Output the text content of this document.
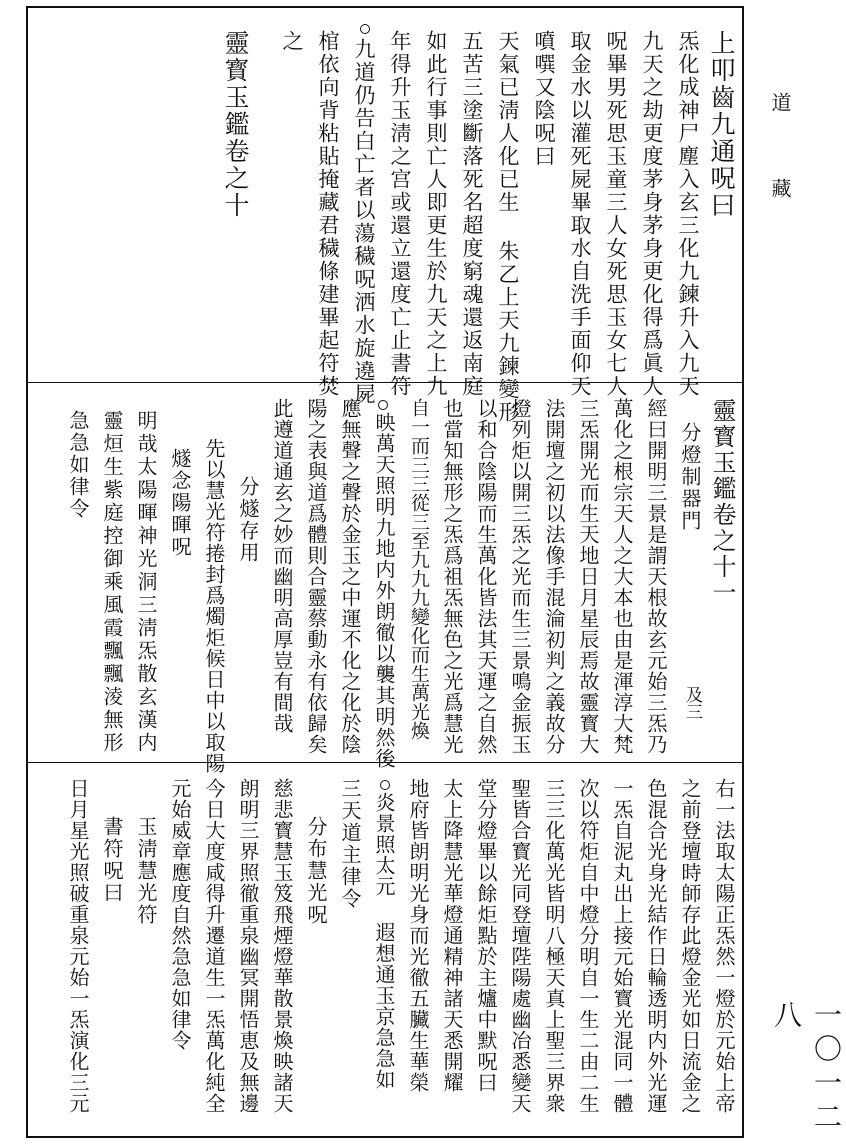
道
藏
一〇一二八
上叩齒九通呪曰
炁化成神尸塵入玄三化九鍊升入九天
九天之劫更度茅身茅身更化得爲眞人
呪畢男死思玉童三人女死思玉女七人
取金水以灌死屍畢取水自洗手面仰天
噴噀又陰呪曰
天氣已淸人化已生 朱乙上天九鍊變形
五苦三塗斷落死名超度窮魂還返南庭
如此行事則亡人即更生於九天之上九
年得升玉淸之宫或還立還度亡止書符
九道仍告白亡者以蕩穢呪洒水旋遶屍
棺依向背粘貼掩藏君穢條建畢起符焚
之
靈寳玉鑑卷之十
靈寳玉鑑卷之十一
分燈制器門
及三
經曰開明三景是謂天根故玄元始三炁乃
萬化之根宗天人之大本也由是渾淳大梵
三炁開光而生天地日月星辰焉故靈寳大
法開壇之初以法像手混淪初判之義故分
燈列炬以開三炁之光而生三景鳴金振玉
以和合陰陽而生萬化皆法其天運之自然
也當知無形之炁爲祖炁無色之光爲慧光
自一而三三從三至九九九變化而生萬光煥
映萬天照明九地内外朗徹以襲其明然後
應無聲之聲於金玉之中運不化之化於陰
陽之表與道爲體則合靈蔡動永有依歸矣
此遵道通玄之妙而幽明高厚豈有間哉
分燧存用
先以慧光符捲封爲燭炬候日中以取陽
燧念陽暉呪
明哉太陽暉神光洞三淸炁散玄漢内
靈烜生紫庭控御乘風霞飄飄淩無形
急急如律令
右一法取太陽正炁然一燈於元始上帝
之前登壇時師存此燈金光如日流金之
色混合光身光結作日輪透明内外光運
一炁自泥丸出上接元始寳光混同一體
次以符炬自中燈分明自一生二由二生
三三化萬光皆明八極天真上聖三界衆
聖皆合寳光同登壇陛陽處幽冶悉變天
堂分燈畢以餘炬點於主爐中默呪曰
太上降慧光華燈通精神諸天悉開耀
地府皆朗明光身而光徹五臟生華榮
炎景照太元 遐想通玉京急急如
三天道主律令
分布慧光呪
慈悲寳慧玉笈飛煙燈華散景煥映諸天
朗明三界照徹重泉幽冥開悟恵及無邊
今日大度咸得升遷道生一炁萬化純全
元始威章應度自然急急如律令
玉淸慧光符
書符呪曰
日月星光照破重泉元始一炁演化三元
